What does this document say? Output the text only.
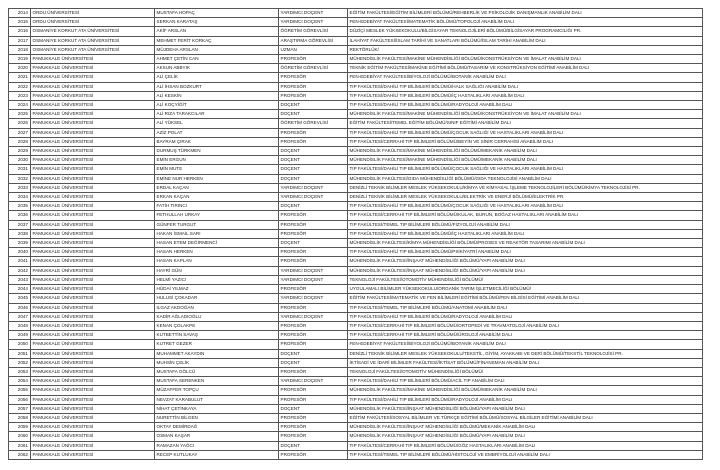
2014	ORDU ÜNİVERSİTESİ	MUSTAFA HOPAÇ	YARDIMCI DOÇENT	EĞİTİM FAKÜLTESİ/EĞİTİM BİLİMLERİ BÖLÜMÜ/REHBERLİK VE PSİKOLOJİK DANIŞMANLIK ANABİLİM DALI
2015	ORDU ÜNİVERSİTESİ	SERKAN KARATAŞ	YARDIMCI DOÇENT	FEN-EDEBİYAT FAKÜLTESİ/MATEMATİK BÖLÜMÜ/TOPOLOJİ ANABİLİM DALI
2016	OSMANİYE KORKUT ATA ÜNİVERSİTESİ	AKİF ARSLAN	ÖĞRETİM GÖREVLİSİ	DÜZİÇİ MESLEK YÜKSEKOKULU/BİLGİSAYAR TEKNOLOJİLERİ BÖLÜMÜ/BİLGİSAYAR PROGRAMCILIĞI PR.
2017	OSMANİYE KORKUT ATA ÜNİVERSİTESİ	MEHMET FERİT KORKAÇ	ARAŞTIRMA GÖREVLİSİ	İLAHİYAT FAKÜLTESİ/İSLAM TARİHİ VE SANATLARI BÖLÜMÜ/İSLAM TARİHİ ANABİLİM DALI
2018	OSMANİYE KORKUT ATA ÜNİVERSİTESİ	MÜJDEHA ARSLAN	UZMAN	REKTÖRLÜK/
2019	PAMUKKALE ÜNİVERSİTESİ	AHMET ÇETİN CAN	PROFESÖR	MÜHENDİSLİK FAKÜLTESİ/MAKİNE MÜHENDİSLİĞİ BÖLÜMÜ/KONSTRÜKSİYON VE İMALAT ANABİLİM DALI
2020	PAMUKKALE ÜNİVERSİTESİ	AKSUN ABBYIK	ÖĞRETİM GÖREVLİSİ	TEKNİK EĞİTİM FAKÜLTESİ/MAKİNE EĞİTİMİ BÖLÜMÜ/TASARIM VE KONSTRÜKSİYON EĞİTİMİ ANABİLİM DALI
2021	PAMUKKALE ÜNİVERSİTESİ	ALİ ÇELİK	PROFESÖR	FEN-EDEBİYAT FAKÜLTESİ/BİYOLOJİ BÖLÜMÜ/BOTANİK ANABİLİM DALI
2022	PAMUKKALE ÜNİVERSİTESİ	ALİ İHSAN BOZKURT	PROFESÖR	TIP FAKÜLTESİ/DAHİLİ TIP BİLİMLERİ BÖLÜMÜ/HALK SAĞLIĞI ANABİLİM DALI
2023	PAMUKKALE ÜNİVERSİTESİ	ALİ KESKİN	PROFESÖR	TIP FAKÜLTESİ/DAHİLİ TIP BİLİMLERİ BÖLÜMÜ/İÇ HASTALIKLARI ANABİLİM DALI
2024	PAMUKKALE ÜNİVERSİTESİ	ALİ KOÇYİĞİT	DOÇENT	TIP FAKÜLTESİ/DAHİLİ TIP BİLİMLERİ BÖLÜMÜ/RADYOLOJİ ANABİLİM DALI
2025	PAMUKKALE ÜNİVERSİTESİ	ALİ RIZA TARAKCILAR	DOÇENT	MÜHENDİSLİK FAKÜLTESİ/MAKİNE MÜHENDİSLİĞİ BÖLÜMÜ/KONSTRÜKSİYON VE İMALAT ANABİLİM DALI
2026	PAMUKKALE ÜNİVERSİTESİ	ALİ YÜKSEL	ÖĞRETİM GÖREVLİSİ	EĞİTİM FAKÜLTESİ/TEMEL EĞİTİM BÖLÜMÜ/SINIF EĞİTİMİ ANABİLİM DALI
2027	PAMUKKALE ÜNİVERSİTESİ	AZİZ POLAT	PROFESÖR	TIP FAKÜLTESİ/DAHİLİ TIP BİLİMLERİ BÖLÜMÜ/ÇOCUK SAĞLIĞI VE HASTALIKLARI ANABİLİM DALI
2028	PAMUKKALE ÜNİVERSİTESİ	BAYRAM ÇIRAK	PROFESÖR	TIP FAKÜLTESİ/CERRAHİ TIP BİLİMLERİ BÖLÜMÜ/BEYİN VE SİNİR CERRAHİSİ ANABİLİM DALI
2029	PAMUKKALE ÜNİVERSİTESİ	DURMUŞ TÜRKMEN	DOÇENT	MÜHENDİSLİK FAKÜLTESİ/MAKİNE MÜHENDİSLİĞİ BÖLÜMÜ/MEKANİK ANABİLİM DALI
2030	PAMUKKALE ÜNİVERSİTESİ	EMİN ERGUN	DOÇENT	MÜHENDİSLİK FAKÜLTESİ/MAKİNE MÜHENDİSLİĞİ BÖLÜMÜ/MEKANİK ANABİLİM DALI
2031	PAMUKKALE ÜNİVERSİTESİ	EMİN MUTE	DOÇENT	TIP FAKÜLTESİ/DAHİLİ TIP BİLİMLERİ BÖLÜMÜ/ÇOCUK SAĞLIĞI VE HASTALIKLARI ANABİLİM DALI
2032	PAMUKKALE ÜNİVERSİTESİ	EMİNE NUR HERKEN	DOÇENT	MÜHENDİSLİK FAKÜLTESİ/GIDA MÜHENDİSLİĞİ BÖLÜMÜ/GIDA TEKNOLOJİSİ ANABİLİM DALI
2033	PAMUKKALE ÜNİVERSİTESİ	ERDAL KAÇAN	YARDIMCI DOÇENT	DENİZLİ TEKNİK BİLİMLER MESLEK YÜKSEKOKULU/KİMYA VE KİMYASAL İŞLEME TEKNOLOJİLERİ BÖLÜMÜ/KİMYA TEKNOLOJİSİ PR.
2034	PAMUKKALE ÜNİVERSİTESİ	ERKAN KAÇAN	YARDIMCI DOÇENT	DENİZLİ TEKNİK BİLİMLER MESLEK YÜKSEKOKULU/ELEKTRİK VE ENERJİ BÖLÜMÜ/ELEKTRİK PR.
2035	PAMUKKALE ÜNİVERSİTESİ	FATİH TIRINCI	DOÇENT	TIP FAKÜLTESİ/DAHİLİ TIP BİLİMLERİ BÖLÜMÜ/ÇOCUK SAĞLIĞI VE HASTALIKLARI ANABİLİM DALI
2036	PAMUKKALE ÜNİVERSİTESİ	FETHULLAH URKAY	PROFESÖR	TIP FAKÜLTESİ/CERRAHİ TIP BİLİMLERİ BÖLÜMÜ/KULAK, BURUN, BOĞAZ HASTALIKLARI ANABİLİM DALI
2037	PAMUKKALE ÜNİVERSİTESİ	GÜNFER TURGUT	PROFESÖR	TIP FAKÜLTESİ/TEMEL TIP BİLİMLERİ BÖLÜMÜ/FİZYOLOJİ ANABİLİM DALI
2038	PAMUKKALE ÜNİVERSİTESİ	HAKAN İSMAİL SARI	PROFESÖR	TIP FAKÜLTESİ/DAHİLİ TIP BİLİMLERİ BÖLÜMÜ/İÇ HASTALIKLARI ANABİLİM DALI
2039	PAMUKKALE ÜNİVERSİTESİ	HASAN ETEM DEĞİRMENCİ	DOÇENT	MÜHENDİSLİK FAKÜLTESİ/KİMYA MÜHENDİSLİĞİ BÖLÜMÜ/PROSES VE REAKTÖR TASARIMI ANABİLİM DALI
2040	PAMUKKALE ÜNİVERSİTESİ	HASAN HERKEN	PROFESÖR	TIP FAKÜLTESİ/DAHİLİ TIP BİLİMLERİ BÖLÜMÜ/PSİKİYATRİ ANABİLİM DALI
2041	PAMUKKALE ÜNİVERSİTESİ	HASAN KAPLAN	PROFESÖR	MÜHENDİSLİK FAKÜLTESİ/İNŞAAT MÜHENDİSLİĞİ BÖLÜMÜ/YAPI ANABİLİM DALI
2042	PAMUKKALE ÜNİVERSİTESİ	HAYRİ GÜN	YARDIMCI DOÇENT	MÜHENDİSLİK FAKÜLTESİ/İNŞAAT MÜHENDİSLİĞİ BÖLÜMÜ/YAPI ANABİLİM DALI
2043	PAMUKKALE ÜNİVERSİTESİ	HELMİ YAZICI	YARDIMCI DOÇENT	TEKNOLOJİ FAKÜLTESİ/OTOMOTİV MÜHENDİSLİĞİ BÖLÜMÜ/
2044	PAMUKKALE ÜNİVERSİTESİ	HÜDAİ YILMAZ	PROFESÖR	UYGULAMALI BİLİMLER YÜKSEKOKULU/ORGANİK TARIM İŞLETMECİLİĞİ BÖLÜMÜ/
2045	PAMUKKALE ÜNİVERSİTESİ	HULUSİ ÇOKADAR	YARDIMCI DOÇENT	EĞİTİM FAKÜLTESİ/MATEMATİK VE FEN BİLİMLERİ EĞİTİMİ BÖLÜMÜ/FEN BİLGİSİ EĞİTİMİ ANABİLİM DALI
2046	PAMUKKALE ÜNİVERSİTESİ	ILGAZ AKDOĞAN	PROFESÖR	TIP FAKÜLTESİ/TEMEL TIP BİLİMLERİ BÖLÜMÜ/ANATOMİ ANABİLİM DALI
2047	PAMUKKALE ÜNİVERSİTESİ	KADİR AĞLADIOĞLU	YARDIMCI DOÇENT	TIP FAKÜLTESİ/DAHİLİ TIP BİLİMLERİ BÖLÜMÜ/RADYOLOJİ ANABİLİM DALI
2048	PAMUKKALE ÜNİVERSİTESİ	KENAN ÇOLAKPE	PROFESÖR	TIP FAKÜLTESİ/CERRAHİ TIP BİLİMLERİ BÖLÜMÜ/ORTOPEDİ VE TRAVMATOLOJİ ANABİLİM DALI
2049	PAMUKKALE ÜNİVERSİTESİ	KUTBETTİN SAVAŞ	PROFESÖR	TIP FAKÜLTESİ/CERRAHİ TIP BİLİMLERİ BÖLÜMÜ/ÜROLOJİ ANABİLİM DALI
2050	PAMUKKALE ÜNİVERSİTESİ	KUTRET GEZER	PROFESÖR	FEN-EDEBİYAT FAKÜLTESİ/BİYOLOJİ BÖLÜMÜ/BOTANİK ANABİLİM DALI
2051	PAMUKKALE ÜNİVERSİTESİ	MUHAMMET AKAYDIN	DOÇENT	DENİZLİ TEKNİK BİLİMLER MESLEK YÜKSEKOKULU/TEKSTİL, GİYİM, AYAKKABI VE DERİ BÖLÜMÜ/TEKSTİL TEKNOLOJİSİ PR.
2052	PAMUKKALE ÜNİVERSİTESİ	MUHSİN ÇELİK	DOÇENT	İKTİSADİ VE İDARİ BİLİMLER FAKÜLTESİ/İKTİSAT BÖLÜMÜ/FİNANSMAN ANABİLİM DALI
2053	PAMUKKALE ÜNİVERSİTESİ	MUSTAFA GÖLCÜ	PROFESÖR	TEKNOLOJİ FAKÜLTESİ/OTOMOTİV MÜHENDİSLİĞİ BÖLÜMÜ/
2054	PAMUKKALE ÜNİVERSİTESİ	MUSTAFA SERENKEN	YARDIMCI DOÇENT	TIP FAKÜLTESİ/DAHİLİ TIP BİLİMLERİ BÖLÜMÜ/ACİL TIP ANABİLİM DALI
2055	PAMUKKALE ÜNİVERSİTESİ	MÜZAFFER TOPÇU	PROFESÖR	MÜHENDİSLİK FAKÜLTESİ/MAKİNE MÜHENDİSLİĞİ BÖLÜMÜ/MEKANİK ANABİLİM DALI
2056	PAMUKKALE ÜNİVERSİTESİ	NEVZAT KARABULUT	PROFESÖR	TIP FAKÜLTESİ/DAHİLİ TIP BİLİMLERİ BÖLÜMÜ/RADYOLOJİ ANABİLİM DALI
2057	PAMUKKALE ÜNİVERSİTESİ	NİHAT ÇETİNKAYA	DOÇENT	MÜHENDİSLİK FAKÜLTESİ/İNŞAAT MÜHENDİSLİĞİ BÖLÜMÜ/YAPI ANABİLİM DALI
2058	PAMUKKALE ÜNİVERSİTESİ	NURETTİN BİLGEN	PROFESÖR	EĞİTİM FAKÜLTESİ/SOSYAL BİLİMLER VE TÜRKÇE EĞİTİMİ BÖLÜMÜ/SOSYAL BİLGİLER EĞİTİMİ ANABİLİM DALI
2059	PAMUKKALE ÜNİVERSİTESİ	OKTAY DEMİRDAĞ	PROFESÖR	MÜHENDİSLİK FAKÜLTESİ/İNŞAAT MÜHENDİSLİĞİ BÖLÜMÜ/MEKANİK ANABİLİM DALI
2060	PAMUKKALE ÜNİVERSİTESİ	OSMAN KAŞAR	PROFESÖR	MÜHENDİSLİK FAKÜLTESİ/İNŞAAT MÜHENDİSLİĞİ BÖLÜMÜ/YAPI ANABİLİM DALI
2061	PAMUKKALE ÜNİVERSİTESİ	RAMAZAN YAĞCI	DOÇENT	TIP FAKÜLTESİ/CERRAHİ TIP BİLİMLERİ BÖLÜMÜ/GÖZ HASTALIKLARI ANABİLİM DALI
2062	PAMUKKALE ÜNİVERSİTESİ	RECEP KUTLUKAY	PROFESÖR	TIP FAKÜLTESİ/TEMEL TIP BİLİMLERİ BÖLÜMÜ/HİSTOLOJİ VE EMBRİYOLOJİ ANABİLİM DALI
